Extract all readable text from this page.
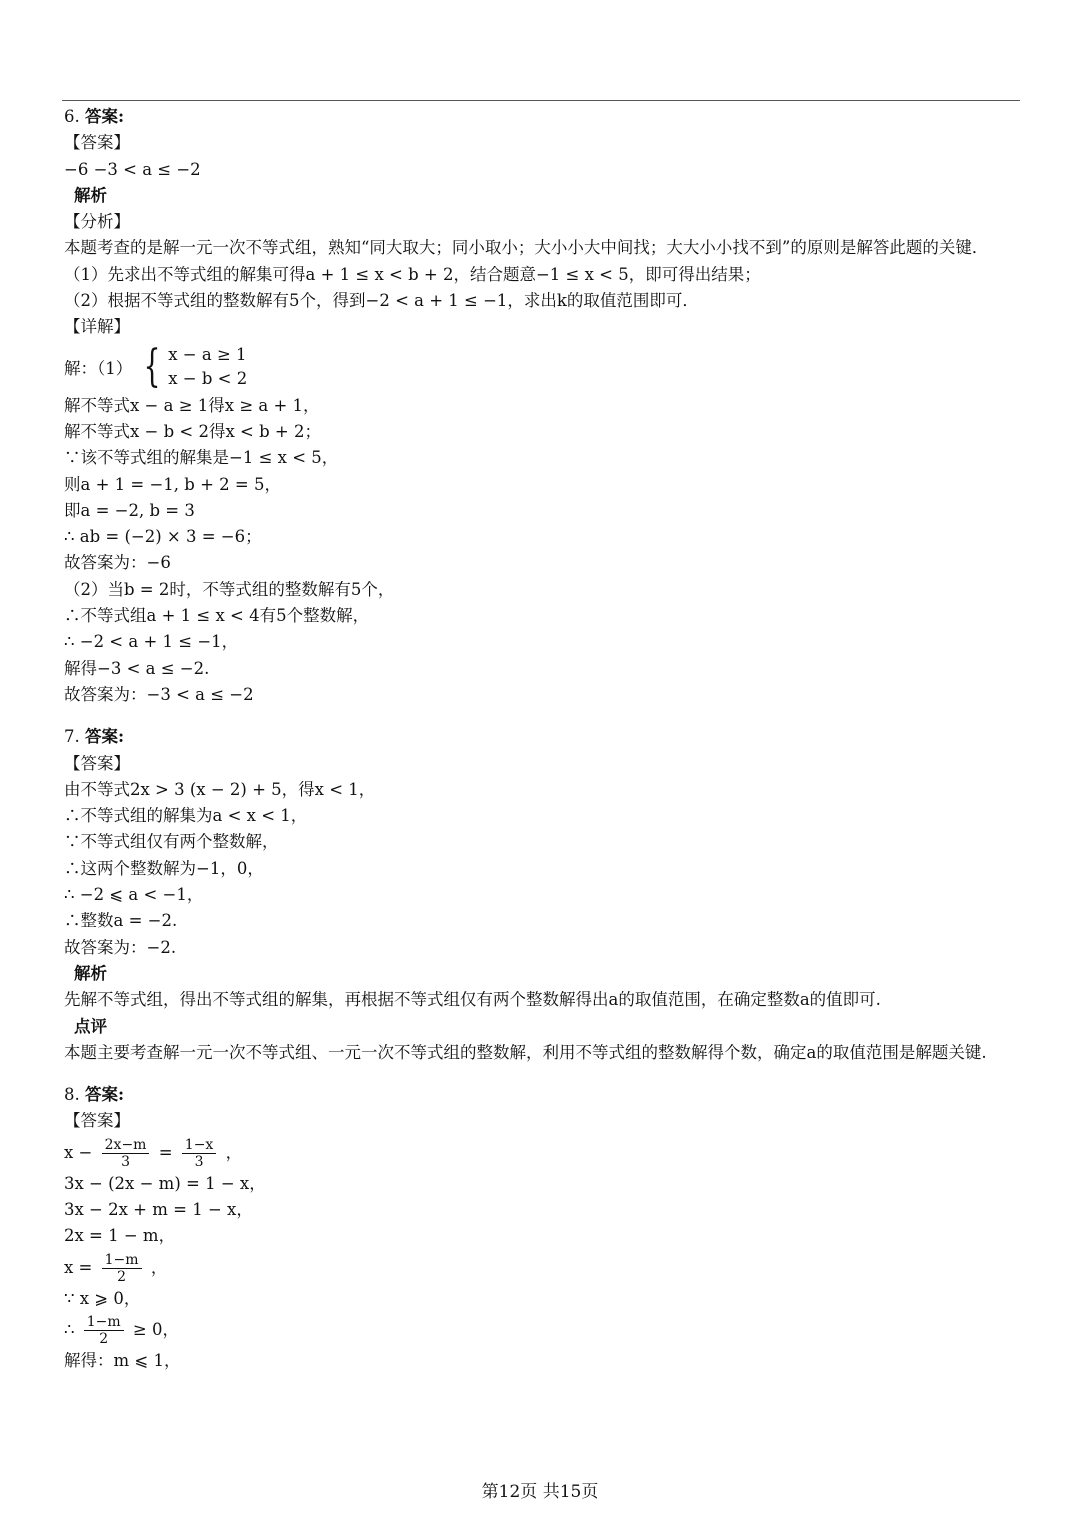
6. 答案:
【答案】
−6 −3 < a ≤ −2
解析
【分析】
本题考查的是解一元一次不等式组，熟知“同大取大；同小取小；大小小大中间找；大大小小找不到”的原则是解答此题的关键．
（1）先求出不等式组的解集可得a + 1 ≤ x < b + 2，结合题意−1 ≤ x < 5，即可得出结果；
（2）根据不等式组的整数解有5个，得到−2 < a + 1 ≤ −1，求出k的取值范围即可．
【详解】
解：（1） { x − a ≥ 1
x − b < 2
解不等式x − a ≥ 1得x ≥ a + 1，
解不等式x − b < 2得x < b + 2；
∵该不等式组的解集是−1 ≤ x < 5，
则a + 1 = −1, b + 2 = 5，
即a = −2, b = 3
∴ ab = (−2) × 3 = −6；
故答案为：−6
（2）当b = 2时，不等式组的整数解有5个，
∴不等式组a + 1 ≤ x < 4有5个整数解，
∴ −2 < a + 1 ≤ −1，
解得−3 < a ≤ −2.
故答案为：−3 < a ≤ −2
7. 答案:
【答案】
由不等式2x > 3 (x − 2) + 5，得x < 1，
∴不等式组的解集为a < x < 1，
∵不等式组仅有两个整数解，
∴这两个整数解为−1，0，
∴ −2 ⩽ a < −1，
∴整数a = −2.
故答案为：−2.
解析
先解不等式组，得出不等式组的解集，再根据不等式组仅有两个整数解得出a的取值范围，在确定整数a的值即可.
点评
本题主要考查解一元一次不等式组、一元一次不等式组的整数解，利用不等式组的整数解得个数，确定a的取值范围是解题关键.
8. 答案:
【答案】
$x - \frac{2x-m}{3} = \frac{1-x}{3}$ ，
3x − (2x − m) = 1 − x，
3x − 2x + m = 1 − x，
2x = 1 − m，
$x = \frac{1-m}{2}$ ，
∵ x ⩾ 0，
∴ $\frac{1-m}{2} \ge 0$，
解得：m ⩽ 1，
第12页 共15页
